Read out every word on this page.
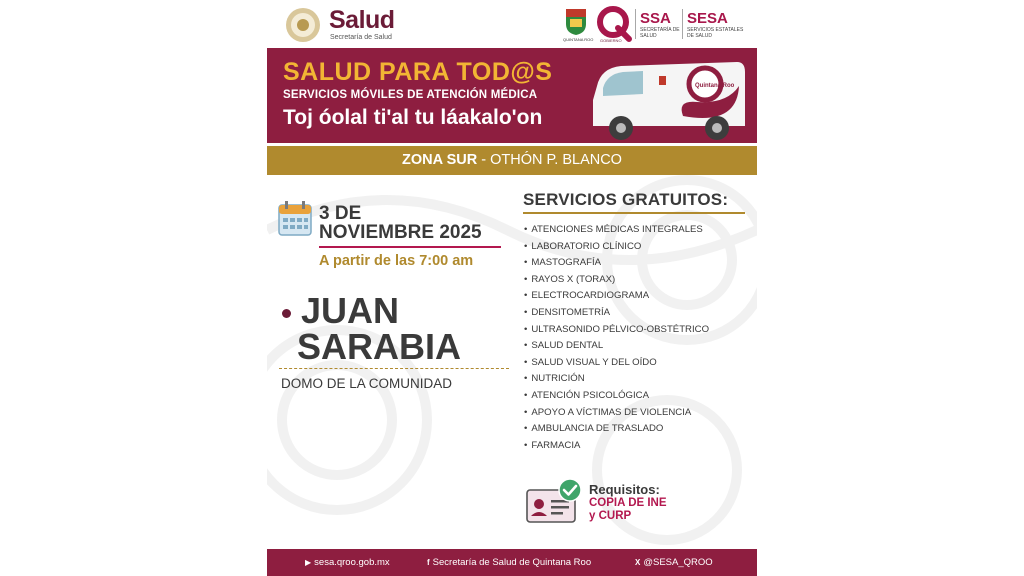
Salud
Secretaría de Salud	QUINTANA ROO GOBIERNO
SSA
SECRETARÍA DE SALUD
SESA
SERVICIOS ESTATALES DE SALUD
SALUD PARA TOD@S
SERVICIOS MÓVILES DE ATENCIÓN MÉDICA
Toj óolal ti'al tu láakalo'on
Quintana Roo
ZONA SUR - OTHÓN P. BLANCO
3 DE
NOVIEMBRE 2025
A partir de las 7:00 am
JUAN
SARABIA
DOMO DE LA COMUNIDAD
SERVICIOS GRATUITOS:
• ATENCIONES MÉDICAS INTEGRALES
• LABORATORIO CLÍNICO
• MASTOGRAFÍA
• RAYOS X (TORAX)
• ELECTROCARDIOGRAMA
• DENSITOMETRÍA
• ULTRASONIDO PÉLVICO-OBSTÉTRICO
• SALUD DENTAL
• SALUD VISUAL Y DEL OÍDO
• NUTRICIÓN
• ATENCIÓN PSICOLÓGICA
• APOYO A VÍCTIMAS DE VIOLENCIA
• AMBULANCIA DE TRASLADO
• FARMACIA
Requisitos:
COPIA DE INE
y CURP
▶ sesa.qroo.gob.mx	f Secretaría de Salud de Quintana Roo	X @SESA_QROO
